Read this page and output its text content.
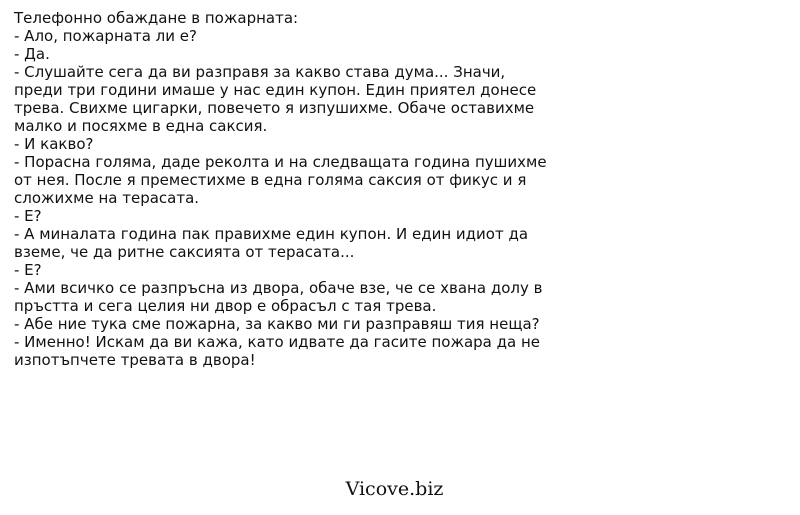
Телефонно обаждане в пожарната:
- Ало, пожарната ли е?
- Да.
- Слушайте сега да ви разправя за какво става дума... Значи,
преди три години имаше у нас един купон. Един приятел донесе
трева. Свихме цигарки, повечето я изпушихме. Обаче оставихме
малко и посяхме в една саксия.
- И какво?
- Порасна голяма, даде реколта и на следващата година пушихме
от нея. После я преместихме в една голяма саксия от фикус и я
сложихме на терасата.
- Е?
- А миналата година пак правихме един купон. И един идиот да
вземе, че да ритне саксията от терасата...
- Е?
- Ами всичко се разпръсна из двора, обаче взе, че се хвана долу в
пръстта и сега целия ни двор е обрасъл с тая трева.
- Абе ние тука сме пожарна, за какво ми ги разправяш тия неща?
- Именно! Искам да ви кажа, като идвате да гасите пожара да не
изпотъпчете тревата в двора!
Vicove.biz
